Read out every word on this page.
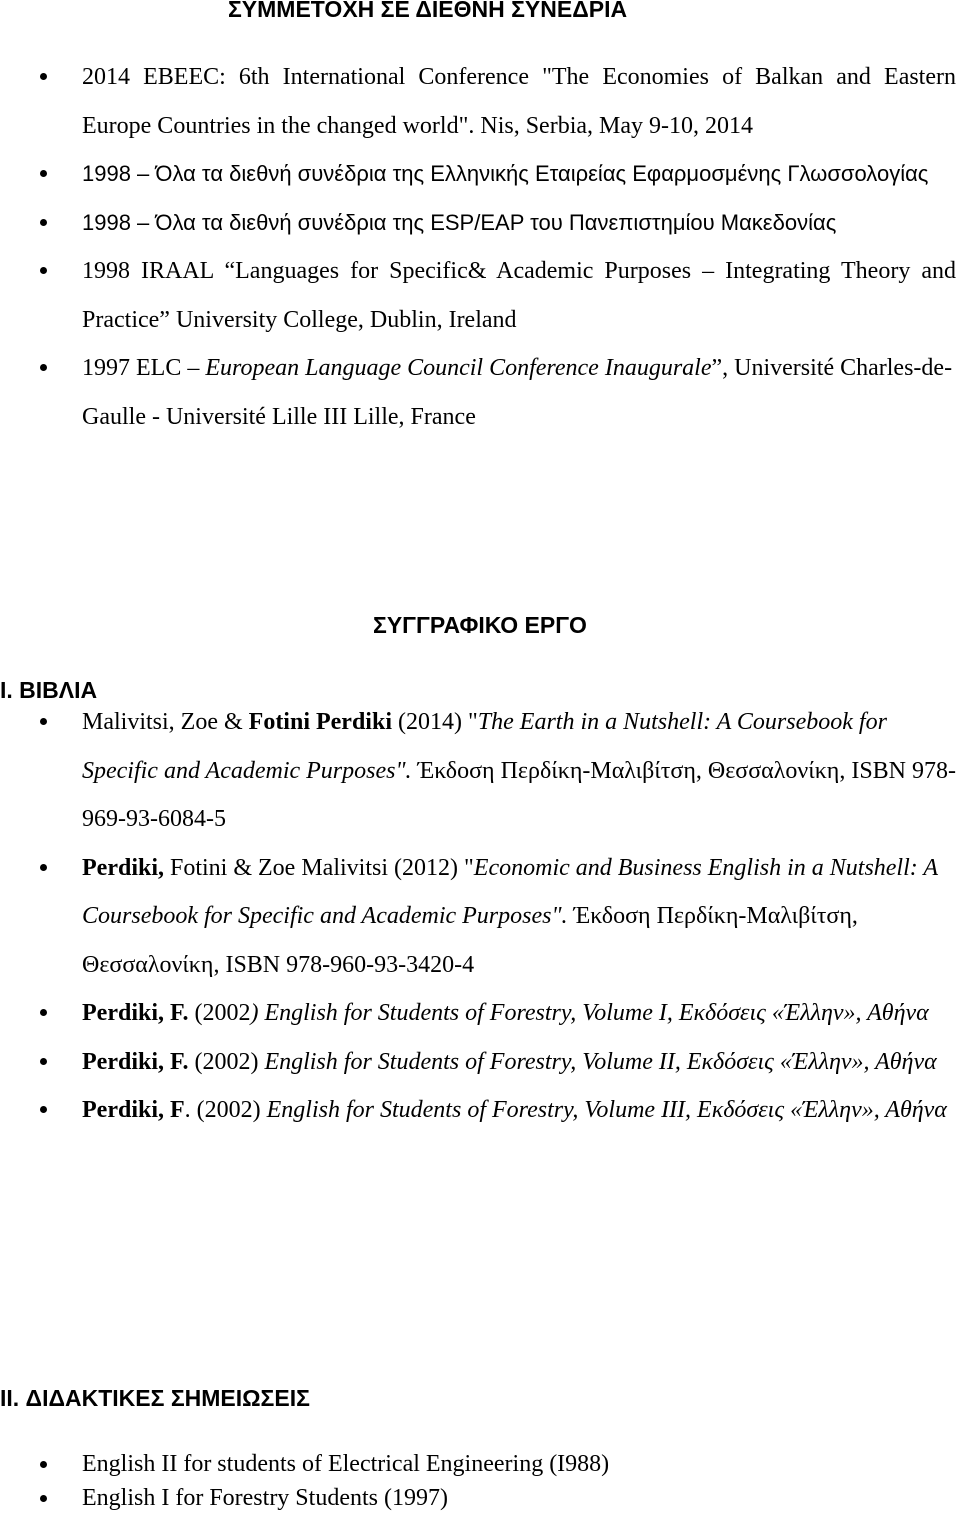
ΣΥΜΜΕΤΟΧΗ ΣΕ ΔΙΕΘΝΗ ΣΥΝΕΔΡΙΑ
2014 EBEEC: 6th International Conference "The Economies of Balkan and Eastern Europe Countries in the changed world". Nis, Serbia, May 9-10, 2014
1998 – Όλα τα διεθνή συνέδρια της Ελληνικής Εταιρείας Εφαρμοσμένης Γλωσσολογίας
1998 – Όλα τα διεθνή συνέδρια της ESP/EAP του Πανεπιστημίου Μακεδονίας
1998 IRAAL “Languages for Specific& Academic Purposes – Integrating Theory and Practice” University College, Dublin, Ireland
1997 ELC – European Language Council Conference Inaugurale”, Université Charles-de-Gaulle - Université Lille III Lille, France
ΣΥΓΓΡΑΦΙΚΟ ΕΡΓΟ
I. ΒΙΒΛΙΑ
Malivitsi, Zoe & Fotini Perdiki (2014) "The Earth in a Nutshell: A Coursebook for Specific and Academic Purposes". Έκδοση Περδίκη-Μαλιβίτση, Θεσσαλονίκη, ISBN 978-969-93-6084-5
Perdiki, Fotini & Zoe Malivitsi (2012) "Economic and Business English in a Nutshell: A Coursebook for Specific and Academic Purposes". Έκδοση Περδίκη-Μαλιβίτση, Θεσσαλονίκη, ISBN 978-960-93-3420-4
Perdiki, F. (2002) English for Students of Forestry, Volume I, Εκδόσεις «Έλλην», Αθήνα
Perdiki, F. (2002) English for Students of Forestry, Volume II, Εκδόσεις «Έλλην», Αθήνα
Perdiki, F. (2002) English for Students of Forestry, Volume III, Εκδόσεις «Έλλην», Αθήνα
II. ΔΙΔΑΚΤΙΚΕΣ ΣΗΜΕΙΩΣΕΙΣ
English II for students of Electrical Engineering (I988)
English I for Forestry Students (1997)
